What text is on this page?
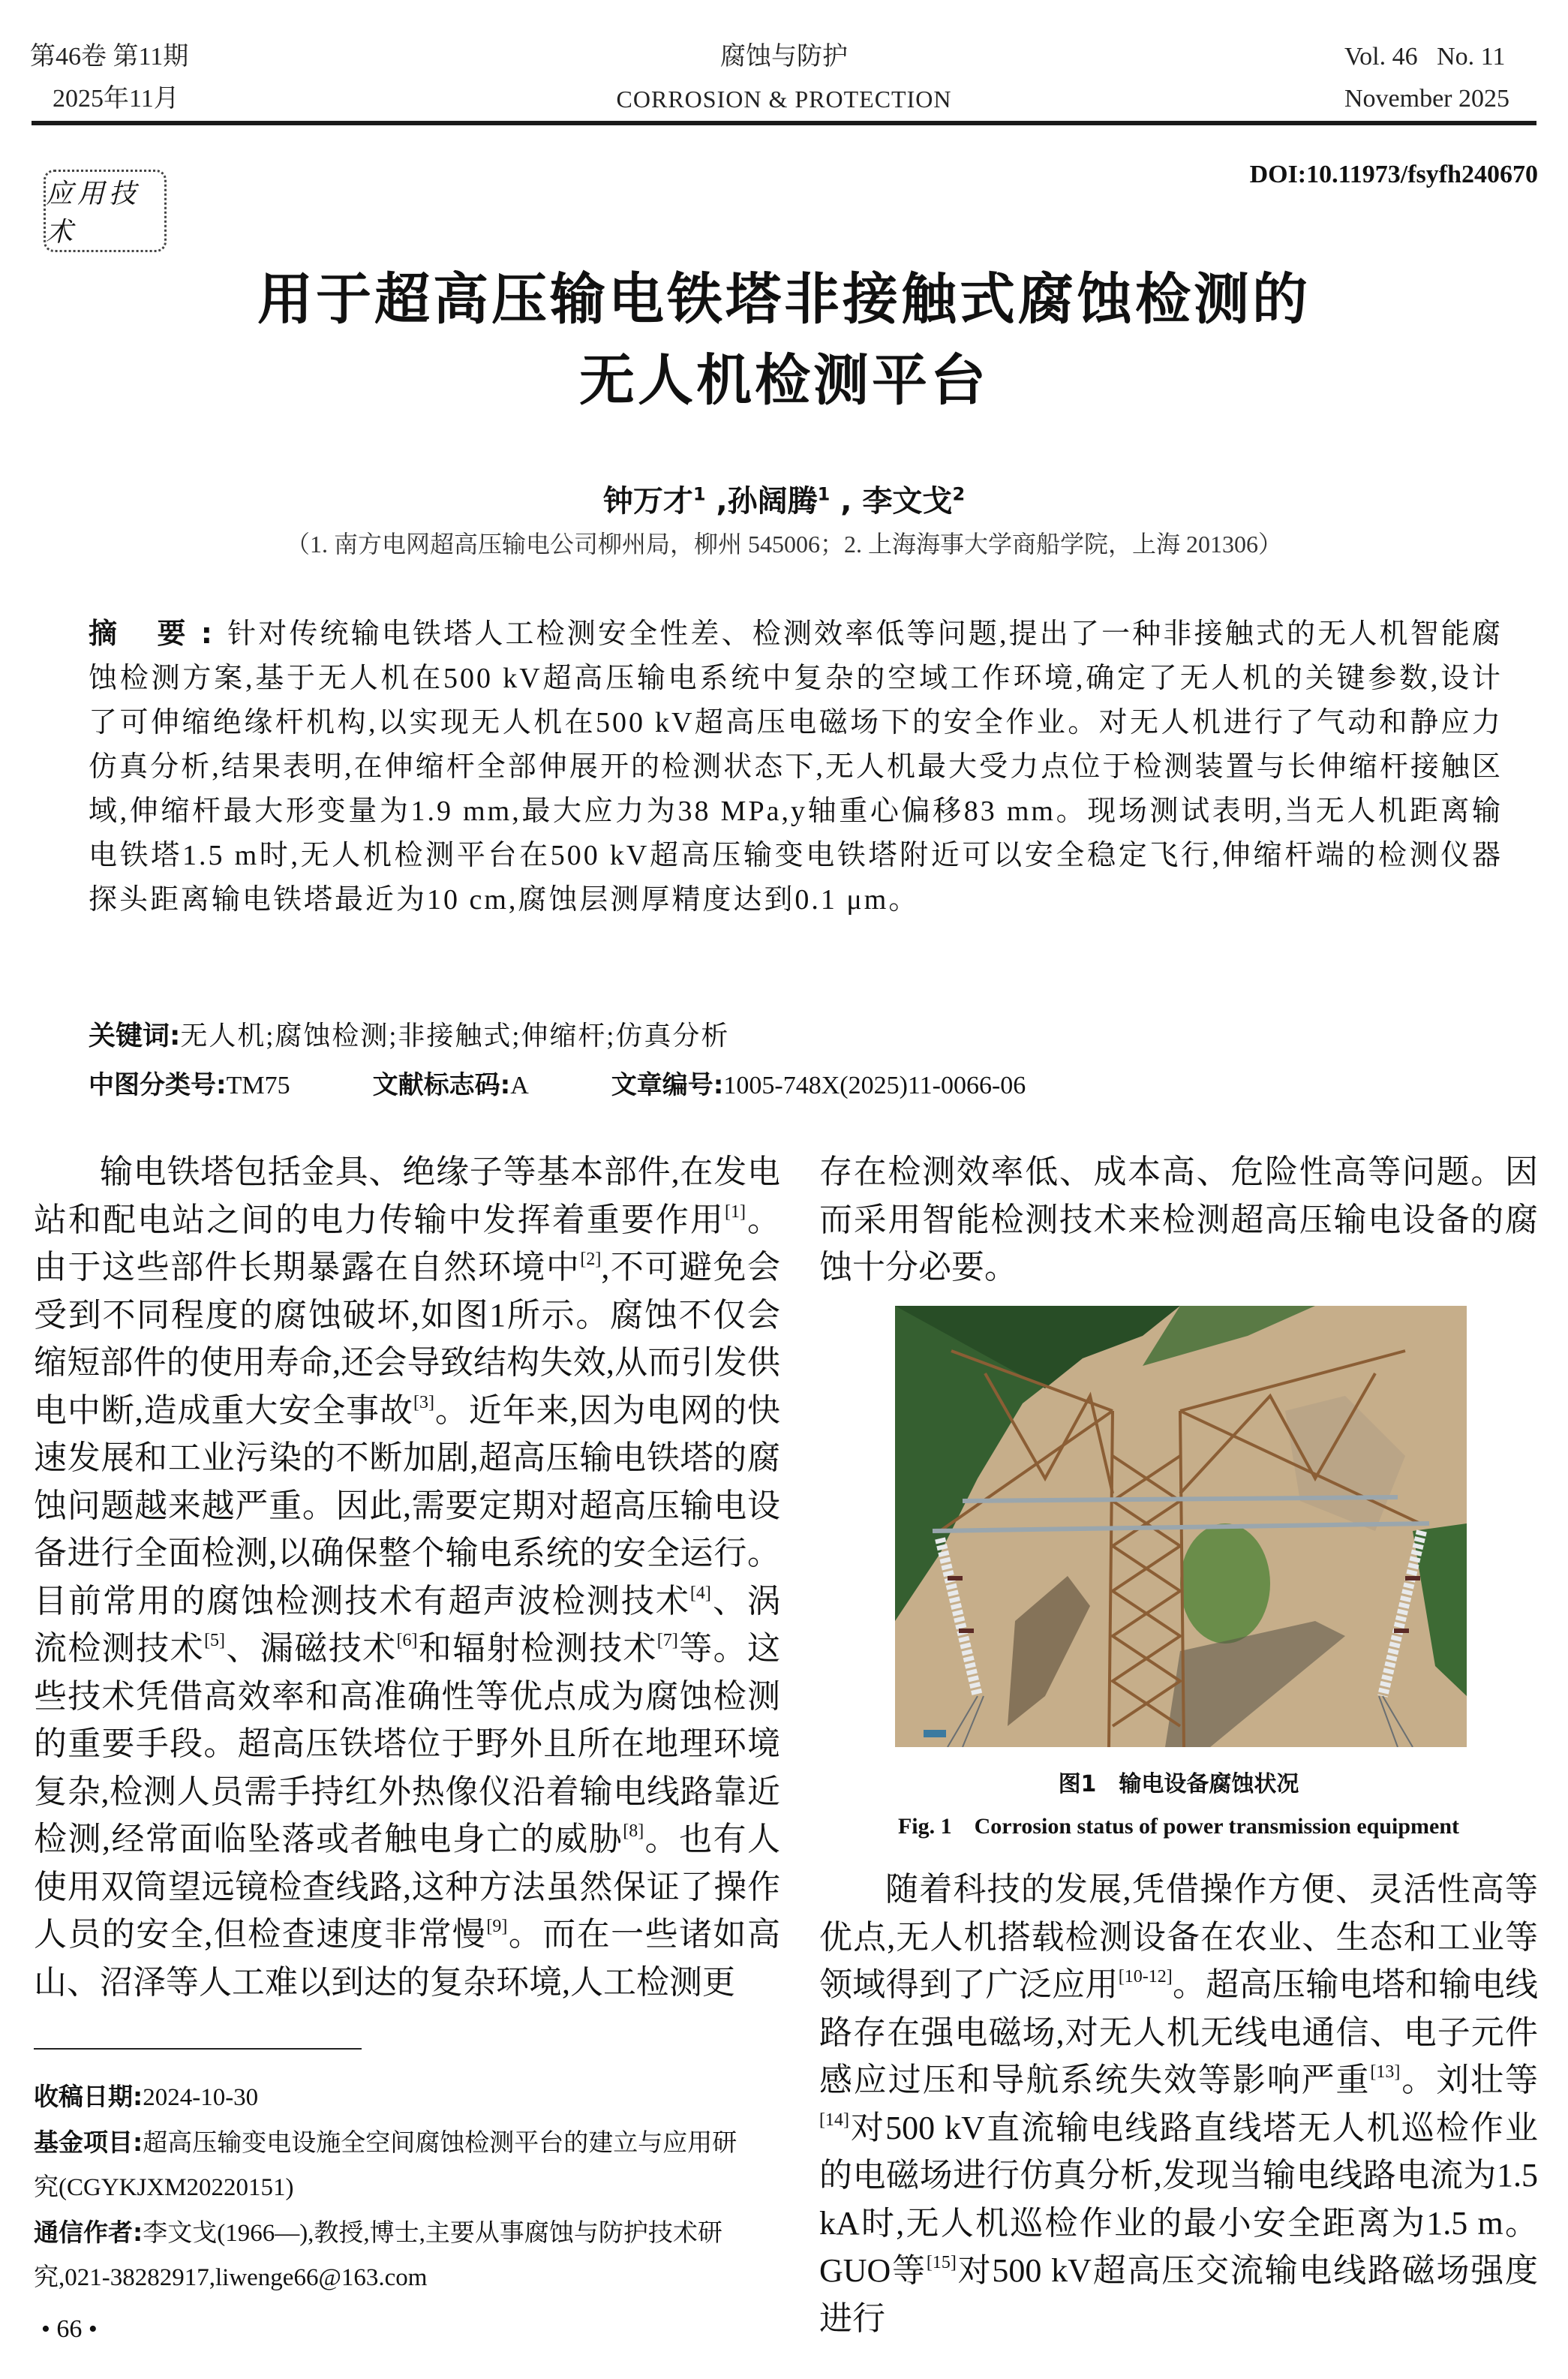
第46卷 第11期
2025年11月
腐蚀与防护
CORROSION & PROTECTION
Vol. 46   No. 11
November 2025
应用技术
DOI:10.11973/fsyfh240670
用于超高压输电铁塔非接触式腐蚀检测的
无人机检测平台
钟万才$^1$ ,孙阔腾$^1$ , 李文戈$^2$
（1. 南方电网超高压输电公司柳州局，柳州 545006；2. 上海海事大学商船学院，上海 201306）
摘 要:针对传统输电铁塔人工检测安全性差、检测效率低等问题,提出了一种非接触式的无人机智能腐蚀检测方案,基于无人机在500 kV超高压输电系统中复杂的空域工作环境,确定了无人机的关键参数,设计了可伸缩绝缘杆机构,以实现无人机在500 kV超高压电磁场下的安全作业。对无人机进行了气动和静应力仿真分析,结果表明,在伸缩杆全部伸展开的检测状态下,无人机最大受力点位于检测装置与长伸缩杆接触区域,伸缩杆最大形变量为1.9 mm,最大应力为38 MPa,y轴重心偏移83 mm。现场测试表明,当无人机距离输电铁塔1.5 m时,无人机检测平台在500 kV超高压输变电铁塔附近可以安全稳定飞行,伸缩杆端的检测仪器探头距离输电铁塔最近为10 cm,腐蚀层测厚精度达到0.1 μm。
关键词:无人机;腐蚀检测;非接触式;伸缩杆;仿真分析
中图分类号:TM75	文献标志码:A	文章编号:1005-748X(2025)11-0066-06

输电铁塔包括金具、绝缘子等基本部件,在发电站和配电站之间的电力传输中发挥着重要作用[1]。由于这些部件长期暴露在自然环境中[2],不可避免会受到不同程度的腐蚀破坏,如图1所示。腐蚀不仅会缩短部件的使用寿命,还会导致结构失效,从而引发供电中断,造成重大安全事故[3]。近年来,因为电网的快速发展和工业污染的不断加剧,超高压输电铁塔的腐蚀问题越来越严重。因此,需要定期对超高压输电设备进行全面检测,以确保整个输电系统的安全运行。目前常用的腐蚀检测技术有超声波检测技术[4]、涡流检测技术[5]、漏磁技术[6]和辐射检测技术[7]等。这些技术凭借高效率和高准确性等优点成为腐蚀检测的重要手段。超高压铁塔位于野外且所在地理环境复杂,检测人员需手持红外热像仪沿着输电线路靠近检测,经常面临坠落或者触电身亡的威胁[8]。也有人使用双筒望远镜检查线路,这种方法虽然保证了操作人员的安全,但检查速度非常慢[9]。而在一些诸如高山、沼泽等人工难以到达的复杂环境,人工检测更

存在检测效率低、成本高、危险性高等问题。因而采用智能检测技术来检测超高压输电设备的腐蚀十分必要。

图1　输电设备腐蚀状况
Fig. 1　Corrosion status of power transmission equipment

随着科技的发展,凭借操作方便、灵活性高等优点,无人机搭载检测设备在农业、生态和工业等领域得到了广泛应用[10-12]。超高压输电塔和输电线路存在强电磁场,对无人机无线电通信、电子元件感应过压和导航系统失效等影响严重[13]。刘壮等[14]对500 kV直流输电线路直线塔无人机巡检作业的电磁场进行仿真分析,发现当输电线路电流为1.5 kA时,无人机巡检作业的最小安全距离为1.5 m。GUO等[15]对500 kV超高压交流输电线路磁场强度进行

收稿日期:2024-10-30

基金项目:超高压输变电设施全空间腐蚀检测平台的建立与应用研究(CGYKJXM20220151)

通信作者:李文戈(1966—),教授,博士,主要从事腐蚀与防护技术研究,021-38282917,liwenge66@163.com

• 66 •
